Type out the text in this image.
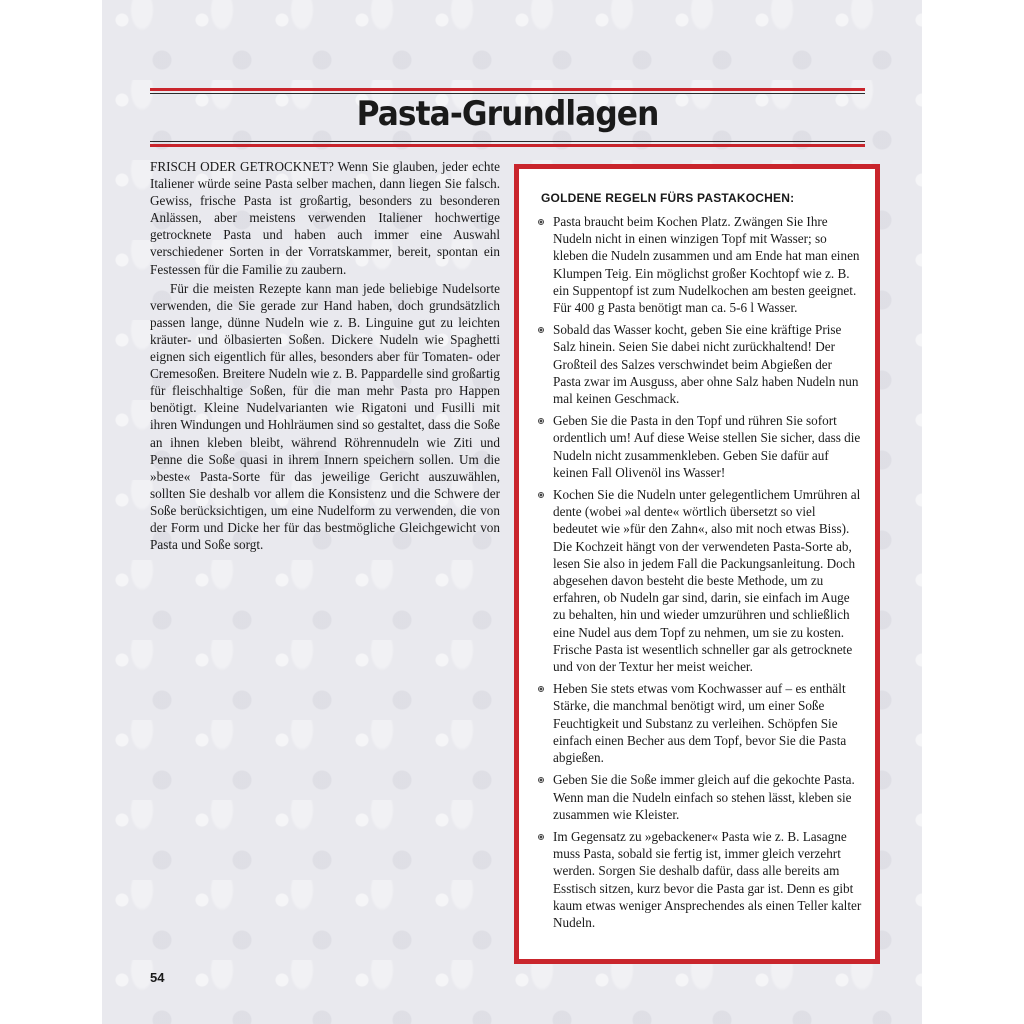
Pasta-Grundlagen

FRISCH ODER GETROCKNET? Wenn Sie glauben, jeder echte Italiener würde seine Pasta selber machen, dann liegen Sie falsch. Gewiss, frische Pasta ist großartig, besonders zu besonderen Anlässen, aber meistens verwenden Italiener hochwertige getrocknete Pasta und haben auch immer eine Auswahl verschiedener Sorten in der Vorratskammer, bereit, spontan ein Festessen für die Familie zu zaubern.

Für die meisten Rezepte kann man jede beliebige Nudelsorte verwenden, die Sie gerade zur Hand haben, doch grundsätzlich passen lange, dünne Nudeln wie z. B. Linguine gut zu leichten kräuter- und ölbasierten Soßen. Dickere Nudeln wie Spaghetti eignen sich eigentlich für alles, besonders aber für Tomaten- oder Cremesoßen. Breitere Nudeln wie z. B. Pappardelle sind großartig für fleischhaltige Soßen, für die man mehr Pasta pro Happen benötigt. Kleine Nudelvarianten wie Rigatoni und Fusilli mit ihren Windungen und Hohlräumen sind so gestaltet, dass die Soße an ihnen kleben bleibt, während Röhrennudeln wie Ziti und Penne die Soße quasi in ihrem Innern speichern sollen. Um die »beste« Pasta-Sorte für das jeweilige Gericht auszuwählen, sollten Sie deshalb vor allem die Konsistenz und die Schwere der Soße berücksichtigen, um eine Nudelform zu verwenden, die von der Form und Dicke her für das bestmögliche Gleichgewicht von Pasta und Soße sorgt.

GOLDENE REGELN FÜRS PASTAKOCHEN:
Pasta braucht beim Kochen Platz. Zwängen Sie Ihre Nudeln nicht in einen winzigen Topf mit Wasser; so kleben die Nudeln zusammen und am Ende hat man einen Klumpen Teig. Ein möglichst großer Kochtopf wie z. B. ein Suppentopf ist zum Nudelkochen am besten geeignet. Für 400 g Pasta benötigt man ca. 5-6 l Wasser.
Sobald das Wasser kocht, geben Sie eine kräftige Prise Salz hinein. Seien Sie dabei nicht zurückhaltend! Der Großteil des Salzes verschwindet beim Abgießen der Pasta zwar im Ausguss, aber ohne Salz haben Nudeln nun mal keinen Geschmack.
Geben Sie die Pasta in den Topf und rühren Sie sofort ordentlich um! Auf diese Weise stellen Sie sicher, dass die Nudeln nicht zusammenkleben. Geben Sie dafür auf keinen Fall Olivenöl ins Wasser!
Kochen Sie die Nudeln unter gelegentlichem Umrühren al dente (wobei »al dente« wörtlich übersetzt so viel bedeutet wie »für den Zahn«, also mit noch etwas Biss). Die Kochzeit hängt von der verwendeten Pasta-Sorte ab, lesen Sie also in jedem Fall die Packungsanleitung. Doch abgesehen davon besteht die beste Methode, um zu erfahren, ob Nudeln gar sind, darin, sie einfach im Auge zu behalten, hin und wieder umzurühren und schließlich eine Nudel aus dem Topf zu nehmen, um sie zu kosten. Frische Pasta ist wesentlich schneller gar als getrocknete und von der Textur her meist weicher.
Heben Sie stets etwas vom Kochwasser auf – es enthält Stärke, die manchmal benötigt wird, um einer Soße Feuchtigkeit und Substanz zu verleihen. Schöpfen Sie einfach einen Becher aus dem Topf, bevor Sie die Pasta abgießen.
Geben Sie die Soße immer gleich auf die gekochte Pasta. Wenn man die Nudeln einfach so stehen lässt, kleben sie zusammen wie Kleister.
Im Gegensatz zu »gebackener« Pasta wie z. B. Lasagne muss Pasta, sobald sie fertig ist, immer gleich verzehrt werden. Sorgen Sie deshalb dafür, dass alle bereits am Esstisch sitzen, kurz bevor die Pasta gar ist. Denn es gibt kaum etwas weniger Ansprechendes als einen Teller kalter Nudeln.
54
